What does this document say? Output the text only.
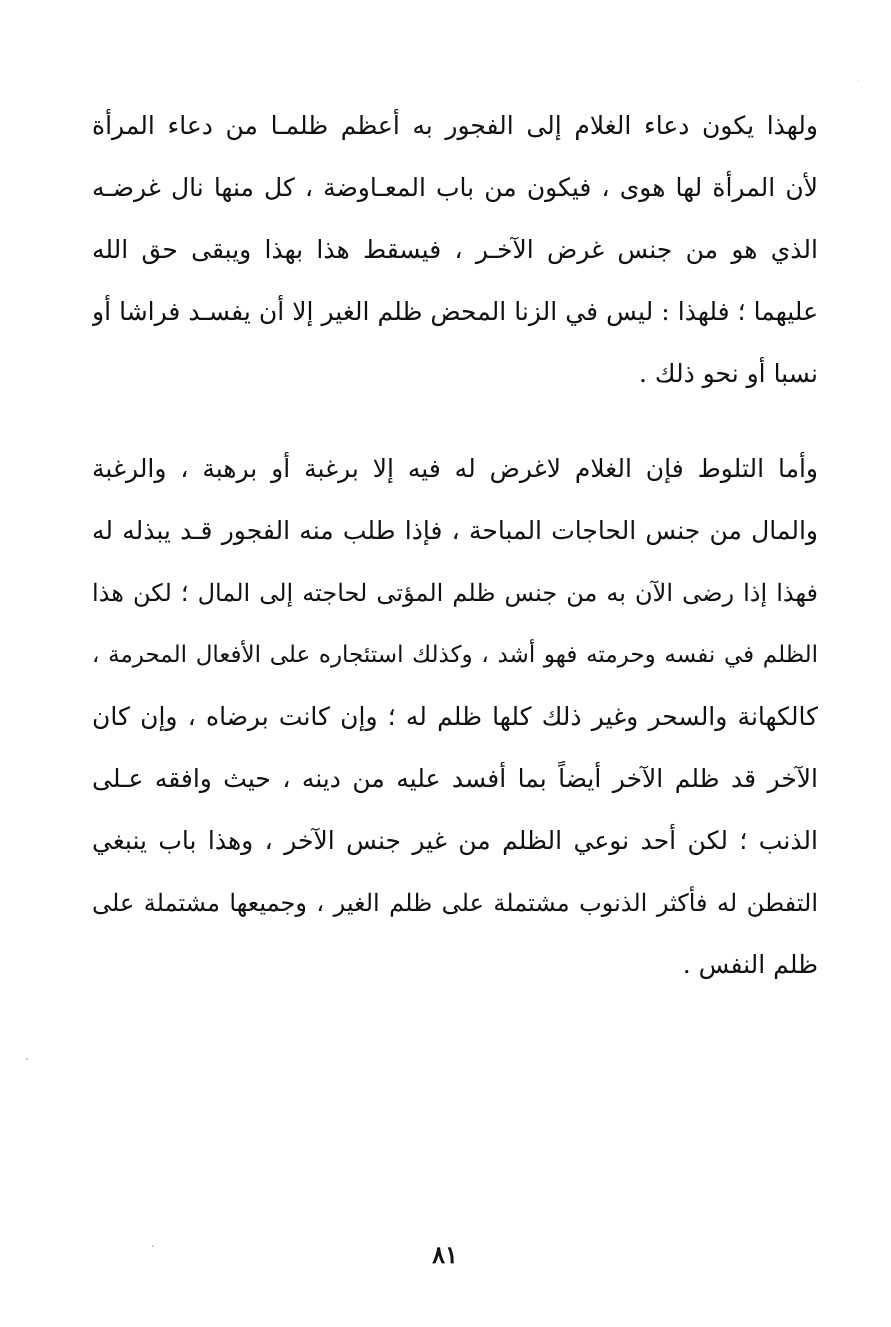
ولهذا يكون دعاء الغلام إلى الفجور به أعظم ظلمـا من دعاء المرأة
لأن المرأة لها هوى ، فيكون من باب المعـاوضة ، كل منها نال غرضـه
الذي هو من جنس غرض الآخـر ، فيسقط هذا بهذا ويبقى حق الله
عليهما ؛ فلهذا : ليس في الزنا المحض ظلم الغير إلا أن يفسـد فراشا أو
نسبا أو نحو ذلك .
وأما التلوط فإن الغلام لاغرض له فيه إلا برغبة أو برهبة ، والرغبة
والمال من جنس الحاجات المباحة ، فإذا طلب منه الفجور قـد يبذله له
فهذا إذا رضى الآن به من جنس ظلم المؤتى لحاجته إلى المال ؛ لكن هذا
الظلم في نفسه وحرمته فهو أشد ، وكذلك استئجاره على الأفعال المحرمة ،
كالكهانة والسحر وغير ذلك كلها ظلم له ؛ وإن كانت برضاه ، وإن كان
الآخر قد ظلم الآخر أيضاً بما أفسد عليه من دينه ، حيث وافقه عـلى
الذنب ؛ لكن أحد نوعي الظلم من غير جنس الآخر ، وهذا باب ينبغي
التفطن له فأكثر الذنوب مشتملة على ظلم الغير ، وجميعها مشتملة على
ظلم النفس .
٨١
